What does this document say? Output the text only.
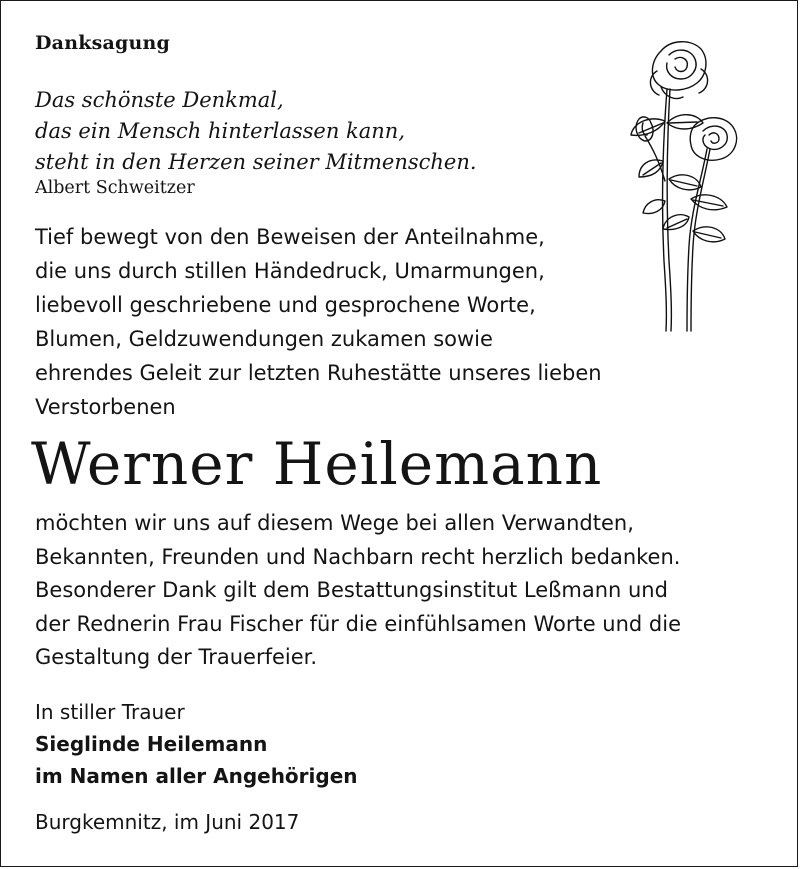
Danksagung
Das schönste Denkmal,
das ein Mensch hinterlassen kann,
steht in den Herzen seiner Mitmenschen.
Albert Schweitzer
Tief bewegt von den Beweisen der Anteilnahme,
die uns durch stillen Händedruck, Umarmungen,
liebevoll geschriebene und gesprochene Worte,
Blumen, Geldzuwendungen zukamen sowie
ehrendes Geleit zur letzten Ruhestätte unseres lieben
Verstorbenen
Werner Heilemann
möchten wir uns auf diesem Wege bei allen Verwandten,
Bekannten, Freunden und Nachbarn recht herzlich bedanken.
Besonderer Dank gilt dem Bestattungsinstitut Leßmann und
der Rednerin Frau Fischer für die einfühlsamen Worte und die
Gestaltung der Trauerfeier.
In stiller Trauer
Sieglinde Heilemann
im Namen aller Angehörigen
Burgkemnitz, im Juni 2017
